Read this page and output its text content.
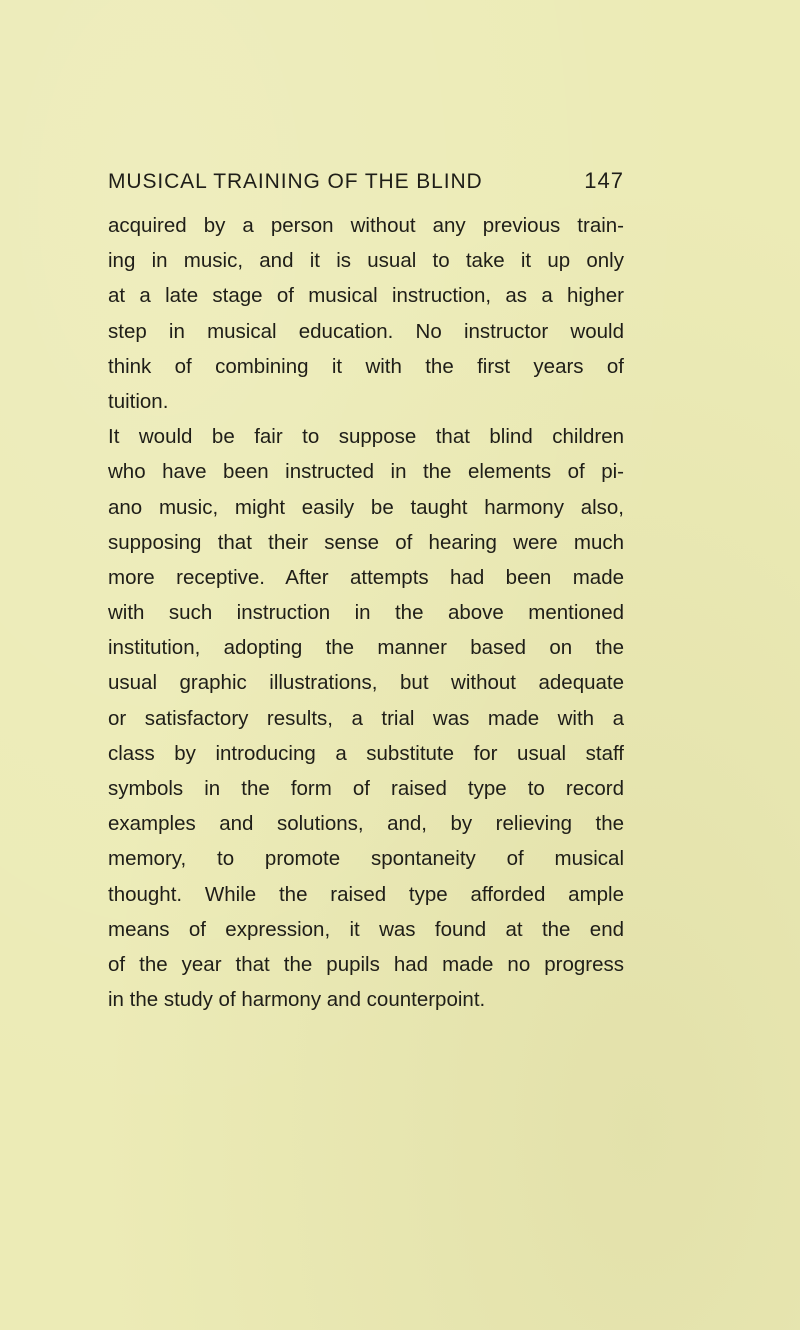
MUSICAL TRAINING OF THE BLIND	147
acquired by a person without any previous train-
ing in music, and it is usual to take it up only
at a late stage of musical instruction, as a higher
step in musical education. No instructor would
think of combining it with the first years of
tuition.
It would be fair to suppose that blind children
who have been instructed in the elements of pi-
ano music, might easily be taught harmony also,
supposing that their sense of hearing were much
more receptive. After attempts had been made
with such instruction in the above mentioned
institution, adopting the manner based on the
usual graphic illustrations, but without adequate
or satisfactory results, a trial was made with a
class by introducing a substitute for usual staff
symbols in the form of raised type to record
examples and solutions, and, by relieving the
memory, to promote spontaneity of musical
thought. While the raised type afforded ample
means of expression, it was found at the end
of the year that the pupils had made no progress
in the study of harmony and counterpoint.
